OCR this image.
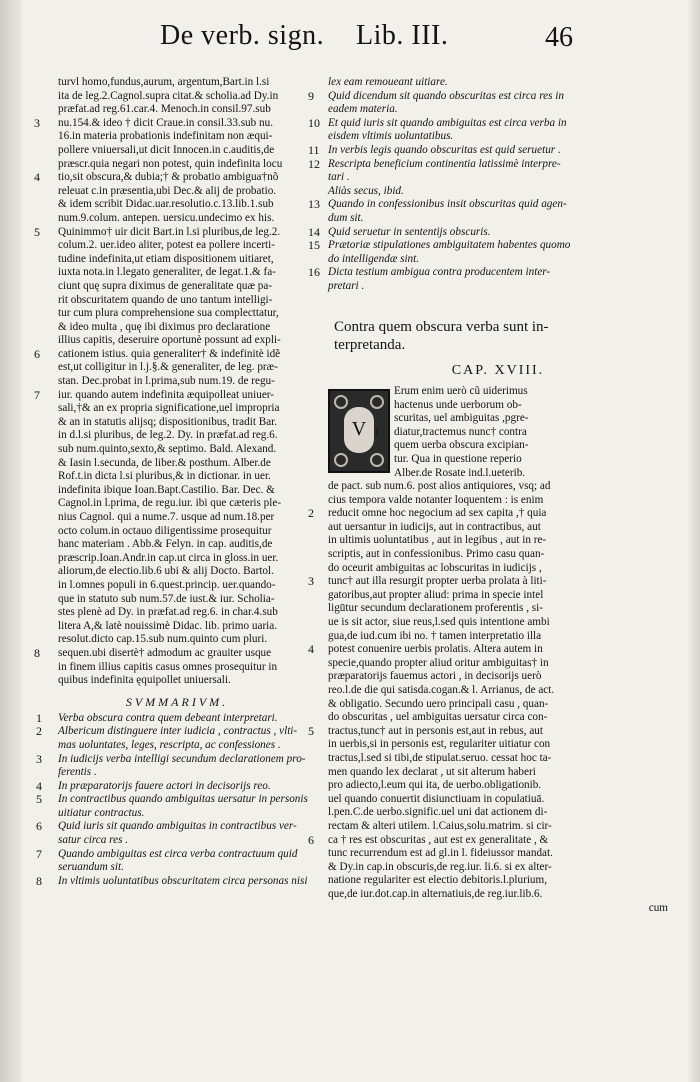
De verb. sign. Lib. III.	46
turvl homo,fundus,aurum, argentum,Bart.in l.si
ita de leg.2.Cagnol.supra citat.& scholia.ad Dy.in
præfat.ad reg.61.car.4. Menoch.in consil.97.sub
3 nu.154.& ideo † dicit Craue.in consil.33.sub nu.
16.in materia probationis indefinitam non æqui-
pollere vniuersali,ut dicit Innocen.in c.auditis,de
præscr.quia negari non potest, quin indefinita locu
4 tio,sit obscura,& dubia;† & probatio ambigua†nõ
releuat c.in præsentia,ubi Dec.& alij de probatio.
& idem scribit Didac.uar.resolutio.c.13.lib.1.sub
num.9.colum. antepen. uersicu.undecimo ex his.
5 Quinimmo† uir dicit Bart.in l.si pluribus,de leg.2.
colum.2. uer.ideo aliter, potest ea pollere incerti-
tudine indefinita,ut etiam dispositionem uitiaret,
iuxta nota.in l.legato generaliter, de legat.1.& fa-
ciunt quę supra diximus de generalitate quæ pa-
rit obscuritatem quando de uno tantum intelligi-
tur cum plura comprehensione sua complecttatur,
& ideo multa , quę ibi diximus pro declaratione
illius capitis, deseruire oportunè possunt ad expli-
6 cationem istius. quia generaliter† & indefinitè idẽ
est,ut colligitur in l.j.§.& generaliter, de leg. præ-
stan. Dec.probat in l.prima,sub num.19. de regu-
7 iur. quando autem indefinita æquipolleat uniuer-
sali,†& an ex propria significatione,uel impropria
& an in statutis alijsq; dispositionibus, tradit Bar.
in d.l.si pluribus, de leg.2. Dy. in præfat.ad reg.6.
sub num.quinto,sexto,& septimo. Bald. Alexand.
& Iasin l.secunda, de liber.& posthum. Alber.de
Rof.t.in dicta l.si pluribus,& in dictionar. in uer.
indefinita ibique Ioan.Bapt.Castilio. Bar. Dec. &
Cagnol.in l.prima, de regu.iur. ibi que cæteris ple-
nius Cagnol. qui a nume.7. usque ad num.18.per
octo colum.in octauo diligentissime prosequitur
hanc materiam . Abb.& Felyn. in cap. auditis,de
præscrip.Ioan.Andr.in cap.ut circa in gloss.in uer.
aliorum,de electio.lib.6 ubi & alij Docto. Bartol.
in l.omnes populi in 6.quest.princip. uer.quando-
que in statuto sub num.57.de iust.& iur. Scholia-
stes plenè ad Dy. in præfat.ad reg.6. in char.4.sub
litera A,& latè nouissimè Didac. lib. primo uaria.
resolut.dicto cap.15.sub num.quinto cum pluri.
8 sequen.ubi disertè† admodum ac grauiter usque
in finem illius capitis casus omnes prosequitur in
quibus indefinita ęquipollet uniuersali.
SVMMARIVM.
1 Verba obscura contra quem debeant interpretari.
2 Albericum distinguere inter iudicia , contractus , vlti-
mas uoluntates, leges, rescripta, ac confessiones .
3 In iudicijs verba intelligi secundum declarationem pro-
ferentis .
4 In præparatorijs fauere actori in decisorijs reo.
5 In contractibus quando ambiguitas uersatur in personis
uitiatur contractus.
6 Quid iuris sit quando ambiguitas in contractibus ver-
satur circa res .
7 Quando ambiguitas est circa verba contractuum quid
seruandum sit.
8 In vltimis uoluntatibus obscuritatem circa personas nisi
lex eam remoueant uitiare.
9 Quid dicendum sit quando obscuritas est circa res in
eadem materia.
10 Et quid iuris sit quando ambiguitas est circa verba in
eisdem vltimis uoluntatibus.
11 In verbis legis quando obscuritas est quid seruetur .
12 Rescripta beneficium continentia latissimè interpre-
tari .
Aliàs secus, ibid.
13 Quando in confessionibus insit obscuritas quid agen-
dum sit.
14 Quid seruetur in sententijs obscuris.
15 Prætoriæ stipulationes ambiguitatem habentes quomo
do intelligendæ sint.
16 Dicta testium ambigua contra producentem inter-
pretari .
Contra quem obscura verba sunt in-
terpretanda.
CAP. XVIII.
V
Erum enim uerò cũ uiderimus
hactenus unde uerborum ob-
scuritas, uel ambiguitas ,pgre-
1 diatur,tractemus nunc† contra
quem uerba obscura excipian-
tur. Qua in questione reperio
Alber.de Rosate ind.l.ueterib.
de pact. sub num.6. post alios antiquiores, vsq; ad
cius tempora valde notanter loquentem : is enim
2 reducit omne hoc negocium ad sex capita ,† quia
aut uersantur in iudicijs, aut in contractibus, aut
in ultimis uoluntatibus , aut in legibus , aut in re-
scriptis, aut in confessionibus. Primo casu quan-
do oceurit ambiguitas ac lobscuritas in iudicijs ,
3 tunc† aut illa resurgit propter uerba prolata à liti-
gatoribus,aut propter aliud: prima in specie intel
ligūtur secundum declarationem proferentis , si-
ue is sit actor, siue reus,l.sed quis intentione ambi
gua,de iud.cum ibi no. † tamen interpretatio illa
4 potest conuenire uerbis prolatis. Altera autem in
specie,quando propter aliud oritur ambiguitas† in
præparatorijs fauemus actori , in decisorijs uerò
reo.l.de die qui satisda.cogan.& l. Arrianus, de act.
& obligatio. Secundo uero principali casu , quan-
do obscuritas , uel ambiguitas uersatur circa con-
5 tractus,tunc† aut in personis est,aut in rebus, aut
in uerbis,si in personis est, regulariter uitiatur con
tractus,l.sed si tibi,de stipulat.seruo. cessat hoc ta-
men quando lex declarat , ut sit alterum haberi
pro adiecto,l.eum qui ita, de uerbo.obligationib.
uel quando conuertit disiunctiuam in copulatiuā.
l.pen.C.de uerbo.signific.uel uni dat actionem di-
rectam & alteri utilem. l.Caius,solu.matrim. si cir-
6 ca † res est obscuritas , aut est ex generalitate , &
tunc recurrendum est ad gl.in l. fideiussor mandat.
& Dy.in cap.in obscuris,de reg.iur. li.6. si ex alter-
natione regulariter est electio debitoris.l.plurium,
que,de iur.dot.cap.in alternatiuis,de reg.iur.lib.6.
cum
